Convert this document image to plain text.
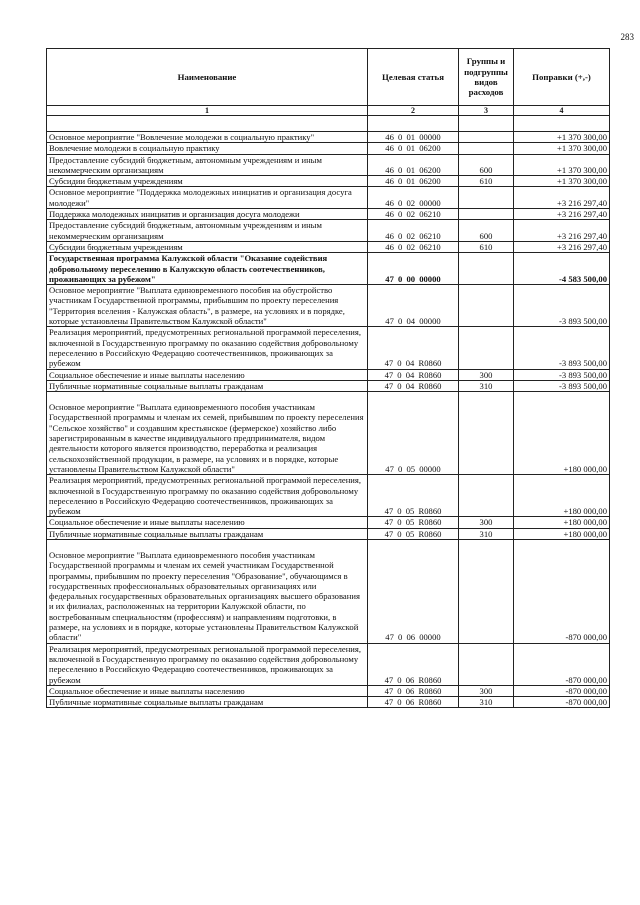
283
Наименование	Целевая статья	Группы и подгруппы видов расходов	Поправки (+,-)
1	2	3	4

Основное мероприятие "Вовлечение молодежи в социальную практику"	46 0 01 00000		+1 370 300,00
Вовлечение молодежи в социальную практику	46 0 01 06200		+1 370 300,00
Предоставление субсидий бюджетным, автономным учреждениям и иным некоммерческим организациям	46 0 01 06200	600	+1 370 300,00
Субсидии бюджетным учреждениям	46 0 01 06200	610	+1 370 300,00
Основное мероприятие "Поддержка молодежных инициатив и организация досуга молодежи"	46 0 02 00000		+3 216 297,40
Поддержка молодежных инициатив и организация досуга молодежи	46 0 02 06210		+3 216 297,40
Предоставление субсидий бюджетным, автономным учреждениям и иным некоммерческим организациям	46 0 02 06210	600	+3 216 297,40
Субсидии бюджетным учреждениям	46 0 02 06210	610	+3 216 297,40
Государственная программа Калужской области "Оказание содействия добровольному переселению в Калужскую область соотечественников, проживающих за рубежом"	47 0 00 00000		-4 583 500,00
Основное мероприятие "Выплата единовременного пособия на обустройство участникам Государственной программы, прибывшим по проекту переселения "Территория вселения - Калужская область", в размере, на условиях и в порядке, которые установлены Правительством Калужской области"	47 0 04 00000		-3 893 500,00
Реализация мероприятий, предусмотренных региональной программой переселения, включенной в Государственную программу по оказанию содействия добровольному переселению в Российскую Федерацию соотечественников, проживающих за рубежом	47 0 04 R0860		-3 893 500,00
Социальное обеспечение и иные выплаты населению	47 0 04 R0860	300	-3 893 500,00
Публичные нормативные социальные выплаты гражданам	47 0 04 R0860	310	-3 893 500,00
Основное мероприятие "Выплата единовременного пособия участникам Государственной программы и членам их семей, прибывшим по проекту переселения "Сельское хозяйство" и создавшим крестьянское (фермерское) хозяйство либо зарегистрированным в качестве индивидуального предпринимателя, видом деятельности которого является производство, переработка и реализация сельскохозяйственной продукции, в размере, на условиях и в порядке, которые установлены Правительством Калужской области"	47 0 05 00000		+180 000,00
Реализация мероприятий, предусмотренных региональной программой переселения, включенной в Государственную программу по оказанию содействия добровольному переселению в Российскую Федерацию соотечественников, проживающих за рубежом	47 0 05 R0860		+180 000,00
Социальное обеспечение и иные выплаты населению	47 0 05 R0860	300	+180 000,00
Публичные нормативные социальные выплаты гражданам	47 0 05 R0860	310	+180 000,00
Основное мероприятие "Выплата единовременного пособия участникам Государственной программы и членам их семей участникам Государственной программы, прибывшим по проекту переселения "Образование", обучающимся в государственных профессиональных образовательных организациях или федеральных государственных образовательных организациях высшего образования и их филиалах, расположенных на территории Калужской области, по востребованным специальностям (профессиям) и направлениям подготовки, в размере, на условиях и в порядке, которые установлены Правительством Калужской области"	47 0 06 00000		-870 000,00
Реализация мероприятий, предусмотренных региональной программой переселения, включенной в Государственную программу по оказанию содействия добровольному переселению в Российскую Федерацию соотечественников, проживающих за рубежом	47 0 06 R0860		-870 000,00
Социальное обеспечение и иные выплаты населению	47 0 06 R0860	300	-870 000,00
Публичные нормативные социальные выплаты гражданам	47 0 06 R0860	310	-870 000,00
